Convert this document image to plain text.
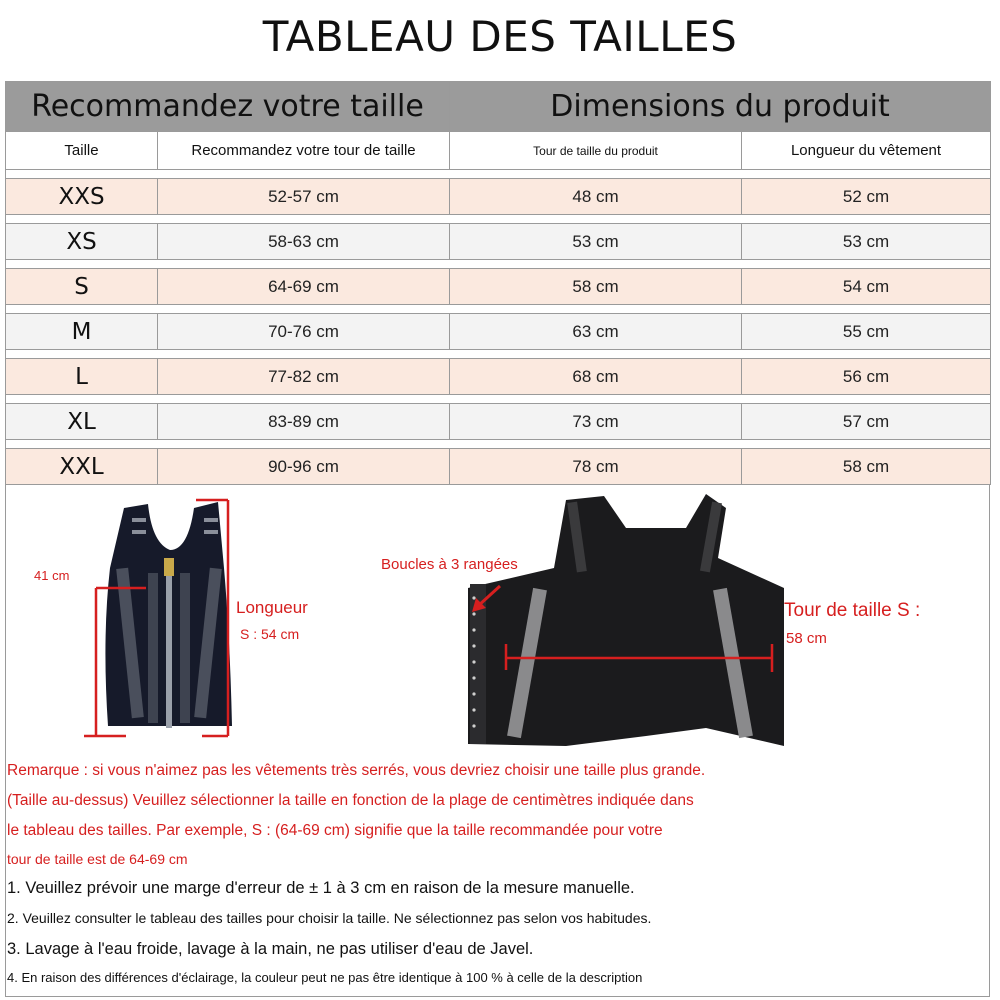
TABLEAU DES TAILLES
Recommandez votre taille		Dimensions du produit	
Taille	Recommandez votre tour de taille	Tour de taille du produit	Longueur du vêtement

XXS	52-57 cm	48 cm	52 cm

XS	58-63 cm	53 cm	53 cm

S	64-69 cm	58 cm	54 cm

M	70-76 cm	63 cm	55 cm

L	77-82 cm	68 cm	56 cm

XL	83-89 cm	73 cm	57 cm

XXL	90-96 cm	78 cm	58 cm
41 cm
Longueur
S : 54 cm
Boucles à 3 rangées
Tour de taille S :
58 cm
Remarque : si vous n'aimez pas les vêtements très serrés, vous devriez choisir une taille plus grande.
(Taille au-dessus) Veuillez sélectionner la taille en fonction de la plage de centimètres indiquée dans
le tableau des tailles. Par exemple, S : (64-69 cm) signifie que la taille recommandée pour votre
tour de taille est de 64-69 cm
1. Veuillez prévoir une marge d'erreur de ± 1 à 3 cm en raison de la mesure manuelle.
2. Veuillez consulter le tableau des tailles pour choisir la taille. Ne sélectionnez pas selon vos habitudes.
3. Lavage à l'eau froide, lavage à la main, ne pas utiliser d'eau de Javel.
4. En raison des différences d'éclairage, la couleur peut ne pas être identique à 100 % à celle de la description
